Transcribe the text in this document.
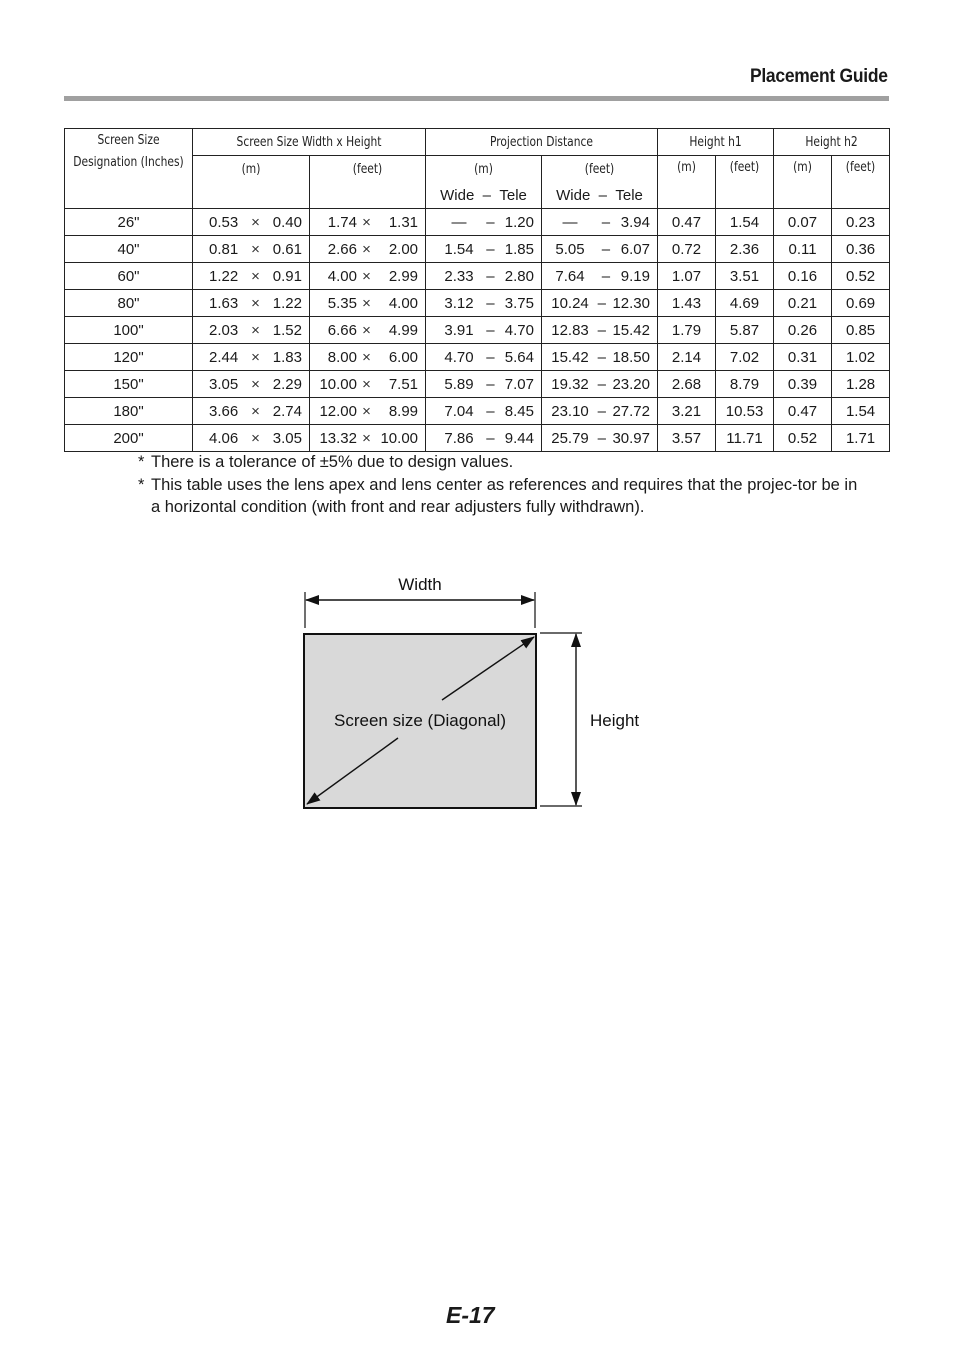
Placement Guide
Screen Size
Designation (Inches)	Screen Size Width x Height		Projection Distance		Height h1		Height h2	

	(m)	(feet)	(m)	(feet)	(m)	(feet)	(m)	(feet)

			Wide – Tele	Wide – Tele				
26"	0.53 × 0.40	1.74 × 1.31	— – 1.20	— – 3.94	0.47	1.54	0.07	0.23
40"	0.81 × 0.61	2.66 × 2.00	1.54 – 1.85	5.05 – 6.07	0.72	2.36	0.11	0.36
60"	1.22 × 0.91	4.00 × 2.99	2.33 – 2.80	7.64 – 9.19	1.07	3.51	0.16	0.52
80"	1.63 × 1.22	5.35 × 4.00	3.12 – 3.75	10.24 – 12.30	1.43	4.69	0.21	0.69
100"	2.03 × 1.52	6.66 × 4.99	3.91 – 4.70	12.83 – 15.42	1.79	5.87	0.26	0.85
120"	2.44 × 1.83	8.00 × 6.00	4.70 – 5.64	15.42 – 18.50	2.14	7.02	0.31	1.02
150"	3.05 × 2.29	10.00 × 7.51	5.89 – 7.07	19.32 – 23.20	2.68	8.79	0.39	1.28
180"	3.66 × 2.74	12.00 × 8.99	7.04 – 8.45	23.10 – 27.72	3.21	10.53	0.47	1.54
200"	4.06 × 3.05	13.32 × 10.00	7.86 – 9.44	25.79 – 30.97	3.57	11.71	0.52	1.71
* There is a tolerance of ±5% due to design values.
* This table uses the lens apex and lens center as references and requires that the projec-tor be in a horizontal condition (with front and rear adjusters fully withdrawn).
Width
Screen size (Diagonal)	Height
E-17
